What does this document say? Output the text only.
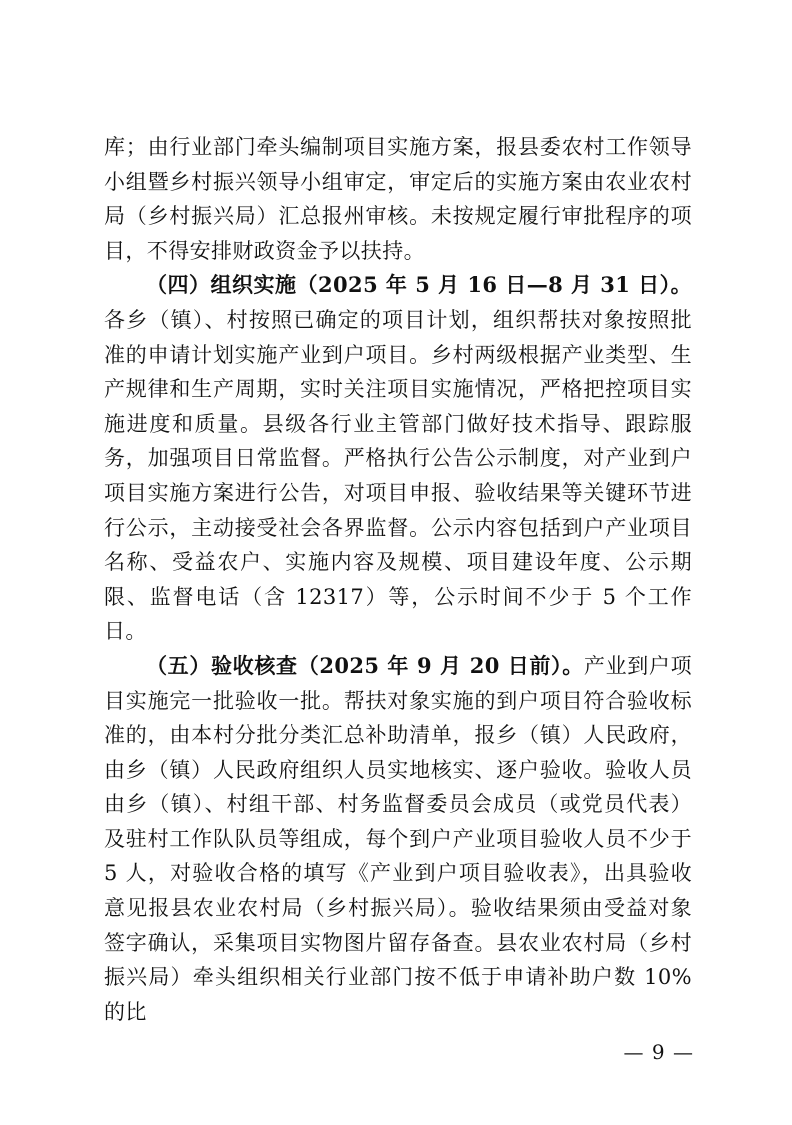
库；由行业部门牵头编制项目实施方案，报县委农村工作领导小组暨乡村振兴领导小组审定，审定后的实施方案由农业农村局（乡村振兴局）汇总报州审核。未按规定履行审批程序的项目，不得安排财政资金予以扶持。

（四）组织实施（2025 年 5 月 16 日—8 月 31 日）。各乡（镇）、村按照已确定的项目计划，组织帮扶对象按照批准的申请计划实施产业到户项目。乡村两级根据产业类型、生产规律和生产周期，实时关注项目实施情况，严格把控项目实施进度和质量。县级各行业主管部门做好技术指导、跟踪服务，加强项目日常监督。严格执行公告公示制度，对产业到户项目实施方案进行公告，对项目申报、验收结果等关键环节进行公示，主动接受社会各界监督。公示内容包括到户产业项目名称、受益农户、实施内容及规模、项目建设年度、公示期限、监督电话（含 12317）等，公示时间不少于 5 个工作日。

（五）验收核查（2025 年 9 月 20 日前）。产业到户项目实施完一批验收一批。帮扶对象实施的到户项目符合验收标准的，由本村分批分类汇总补助清单，报乡（镇）人民政府，由乡（镇）人民政府组织人员实地核实、逐户验收。验收人员由乡（镇）、村组干部、村务监督委员会成员（或党员代表）及驻村工作队队员等组成，每个到户产业项目验收人员不少于 5 人，对验收合格的填写《产业到户项目验收表》，出具验收意见报县农业农村局（乡村振兴局）。验收结果须由受益对象签字确认，采集项目实物图片留存备查。县农业农村局（乡村振兴局）牵头组织相关行业部门按不低于申请补助户数 10%的比

— 9 —
